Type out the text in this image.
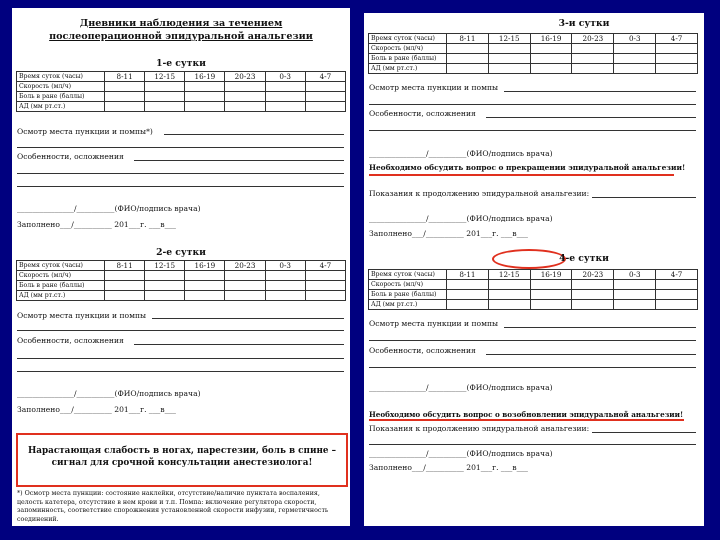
Дневники наблюдения за течением
послеоперационной эпидуральной анальгезии
1-е сутки
Время суток (часы)	8-11	12-15	16-19	20-23	0-3	4-7
Скорость (мл/ч)						
Боль в ране (баллы)						
АД (мм рт.ст.)						
Осмотр места пункции и помпы*)
Особенности, осложнения
_______________/__________(ФИО/подпись врача)
Заполнено___/__________ 201___г. ___в___
2-е сутки
Время суток (часы)	8-11	12-15	16-19	20-23	0-3	4-7
Скорость (мл/ч)						
Боль в ране (баллы)						
АД (мм рт.ст.)						
Осмотр места пункции и помпы
Особенности, осложнения
_______________/__________(ФИО/подпись врача)
Заполнено___/__________ 201___г. ___в___
Нарастающая слабость в ногах, парестезии, боль в спине –
сигнал для срочной консультации анестезиолога!
*) Осмотр места пункции: состояние наклейки, отсутствие/наличие пунктата воспаления, целость катетера, отсутствие в нем крови и т.п. Помпа: включение регулятора скорости, запоминность, соответствие спорожнения установленной скорости инфузии, герметичность соединений.
3-и сутки
Время суток (часы)	8-11	12-15	16-19	20-23	0-3	4-7
Скорость (мл/ч)						
Боль в ране (баллы)						
АД (мм рт.ст.)						
Осмотр места пункции и помпы
Особенности, осложнения
_______________/__________(ФИО/подпись врача)
Необходимо обсудить вопрос о прекращении эпидуральной анальгезии!
Показания к продолжению эпидуральной анальгезии:
_______________/__________(ФИО/подпись врача)
Заполнено___/__________ 201___г. ___в___
4-е сутки
Время суток (часы)	8-11	12-15	16-19	20-23	0-3	4-7
Скорость (мл/ч)						
Боль в ране (баллы)						
АД (мм рт.ст.)						
Осмотр места пункции и помпы
Особенности, осложнения
_______________/__________(ФИО/подпись врача)
Необходимо обсудить вопрос о возобновлении эпидуральной анальгезии!
Показания к продолжению эпидуральной анальгезии:
_______________/__________(ФИО/подпись врача)
Заполнено___/__________ 201___г. ___в___
